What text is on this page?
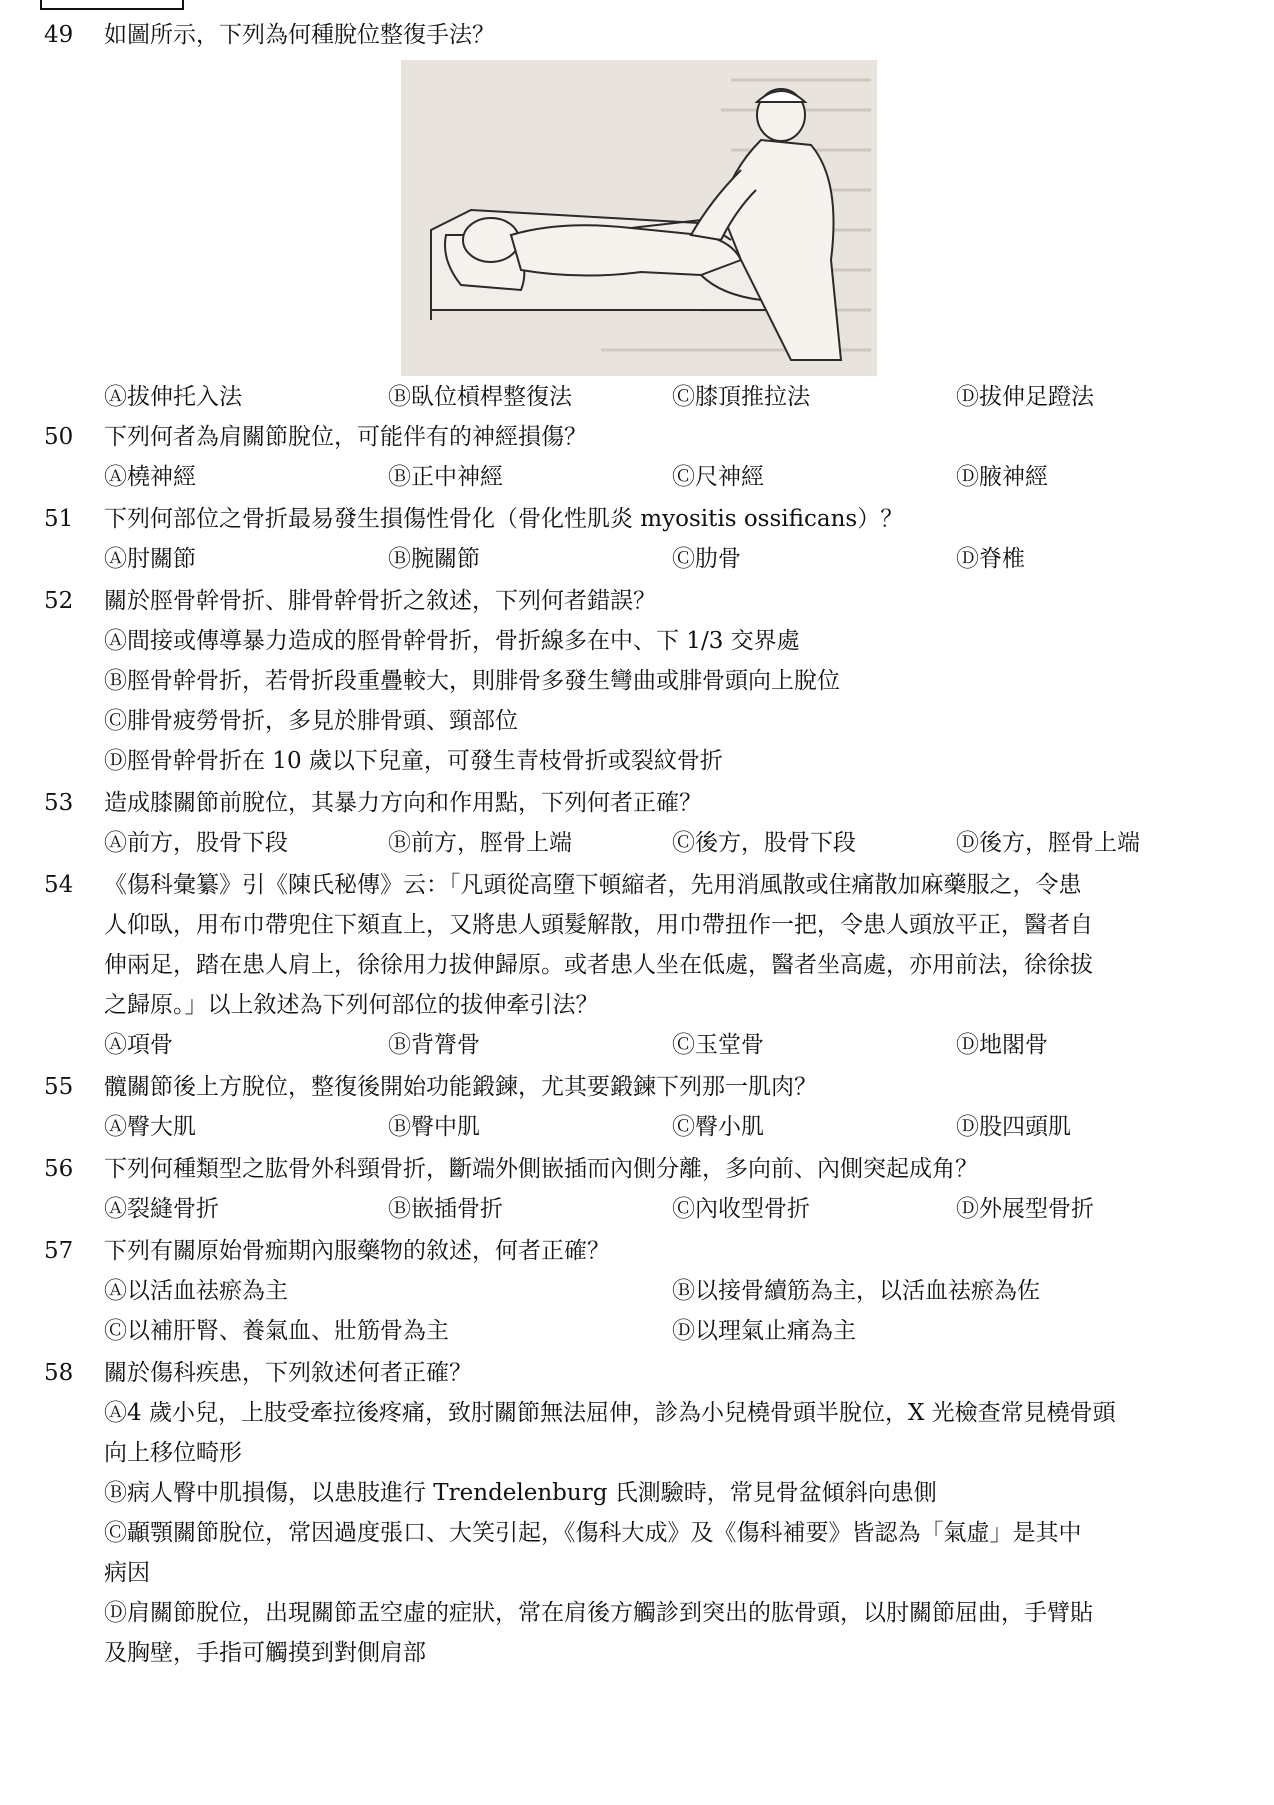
49	如圖所示，下列為何種脫位整復手法？
Ⓐ拔伸托入法	Ⓑ臥位槓桿整復法	Ⓒ膝頂推拉法	Ⓓ拔伸足蹬法
50	下列何者為肩關節脫位，可能伴有的神經損傷？
Ⓐ橈神經	Ⓑ正中神經	Ⓒ尺神經	Ⓓ腋神經
51	下列何部位之骨折最易發生損傷性骨化（骨化性肌炎 myositis ossificans）？
Ⓐ肘關節	Ⓑ腕關節	Ⓒ肋骨	Ⓓ脊椎
52	關於脛骨幹骨折、腓骨幹骨折之敘述，下列何者錯誤？
Ⓐ間接或傳導暴力造成的脛骨幹骨折，骨折線多在中、下 1/3 交界處
Ⓑ脛骨幹骨折，若骨折段重疊較大，則腓骨多發生彎曲或腓骨頭向上脫位
Ⓒ腓骨疲勞骨折，多見於腓骨頭、頸部位
Ⓓ脛骨幹骨折在 10 歲以下兒童，可發生青枝骨折或裂紋骨折
53	造成膝關節前脫位，其暴力方向和作用點，下列何者正確？
Ⓐ前方，股骨下段	Ⓑ前方，脛骨上端	Ⓒ後方，股骨下段	Ⓓ後方，脛骨上端
54	《傷科彙纂》引《陳氏秘傳》云：「凡頭從高墮下頓縮者，先用消風散或住痛散加麻藥服之，令患
人仰臥，用布巾帶兜住下頦直上，又將患人頭髮解散，用巾帶扭作一把，令患人頭放平正，醫者自
伸兩足，踏在患人肩上，徐徐用力拔伸歸原。或者患人坐在低處，醫者坐高處，亦用前法，徐徐拔
之歸原。」以上敘述為下列何部位的拔伸牽引法？
Ⓐ項骨	Ⓑ背膂骨	Ⓒ玉堂骨	Ⓓ地閣骨
55	髖關節後上方脫位，整復後開始功能鍛鍊，尤其要鍛鍊下列那一肌肉？
Ⓐ臀大肌	Ⓑ臀中肌	Ⓒ臀小肌	Ⓓ股四頭肌
56	下列何種類型之肱骨外科頸骨折，斷端外側嵌插而內側分離，多向前、內側突起成角？
Ⓐ裂縫骨折	Ⓑ嵌插骨折	Ⓒ內收型骨折	Ⓓ外展型骨折
57	下列有關原始骨痂期內服藥物的敘述，何者正確？
Ⓐ以活血祛瘀為主	Ⓑ以接骨續筋為主，以活血祛瘀為佐
Ⓒ以補肝腎、養氣血、壯筋骨為主	Ⓓ以理氣止痛為主
58	關於傷科疾患，下列敘述何者正確？
Ⓐ4 歲小兒，上肢受牽拉後疼痛，致肘關節無法屈伸，診為小兒橈骨頭半脫位，X 光檢查常見橈骨頭
向上移位畸形
Ⓑ病人臀中肌損傷，以患肢進行 Trendelenburg 氏測驗時，常見骨盆傾斜向患側
Ⓒ顳顎關節脫位，常因過度張口、大笑引起，《傷科大成》及《傷科補要》皆認為「氣虛」是其中
病因
Ⓓ肩關節脫位，出現關節盂空虛的症狀，常在肩後方觸診到突出的肱骨頭，以肘關節屈曲，手臂貼
及胸壁，手指可觸摸到對側肩部
